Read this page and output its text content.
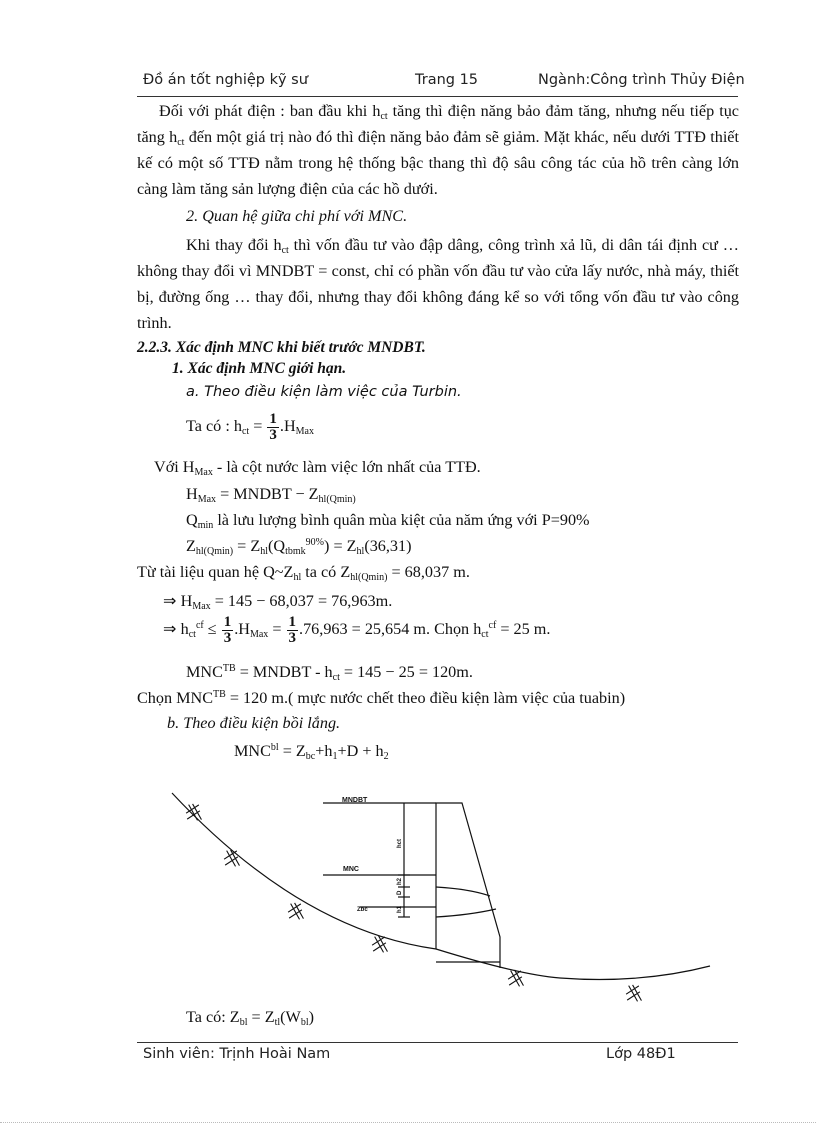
Đồ án tốt nghiệp kỹ sư	Trang 15	Ngành:Công trình Thủy Điện
Đối với phát điện : ban đầu khi $h_{ct}$ tăng thì điện năng bảo đảm tăng, nhưng nếu tiếp tục tăng $h_{ct}$ đến một giá trị nào đó thì điện năng bảo đảm sẽ giảm. Mặt khác, nếu dưới TTĐ thiết kế có một số TTĐ nằm trong hệ thống bậc thang thì độ sâu công tác của hồ trên càng lớn càng làm tăng sản lượng điện của các hồ dưới.
2. Quan hệ giữa chi phí với MNC.
Khi thay đổi $h_{ct}$ thì vốn đầu tư vào đập dâng, công trình xả lũ, di dân tái định cư … không thay đổi vì MNDBT = const, chỉ có phần vốn đầu tư vào cửa lấy nước, nhà máy, thiết bị, đường ống … thay đổi, nhưng thay đổi không đáng kể so với tổng vốn đầu tư vào công trình.
2.2.3. Xác định MNC khi biết trước MNDBT.
1. Xác định MNC giới hạn.
a. Theo điều kiện làm việc của Turbin.
Ta có : $h_{ct} = \frac{1}{3} .H_{Max}$
Với $H_{Max}$ - là cột nước làm việc lớn nhất của TTĐ.
$H_{Max}$ = MNDBT − $Z_{hl(Qmin)}$
$Q_{min}$ là lưu lượng bình quân mùa kiệt của năm ứng với P=90%
$Z_{hl(Qmin)} = Z_{hl}(Q_{tbmk}^{90\%}) = Z_{hl}(36,31)$
Từ tài liệu quan hệ $Q\sim Z_{hl}$ ta có $Z_{hl(Qmin)} = 68,037$ m.
⇒ $H_{Max} = 145 - 68,037 = 76,963m$.
⇒ $h_{ct}^{cf} \le \frac{1}{3} .H_{Max} = \frac{1}{3} .76,963 = 25,654$ m. Chọn $h_{ct}^{cf} = 25$ m.
$MNC^{TB}$ = MNDBT - $h_{ct} = 145 - 25 = 120m$.
Chọn $MNC^{TB} = 120$ m.( mực nước chết theo điều kiện làm việc của tuabin)
b. Theo điều kiện bồi lắng.
$MNC^{bl} = Z_{bc}+h_1+D + h_2$
MNDBT
MNC
Zbc
hct
h2
D
h1
Ta có: $Z_{bl} = Z_{tl}(W_{bl})$
Sinh viên: Trịnh Hoài Nam	Lớp 48Đ1
